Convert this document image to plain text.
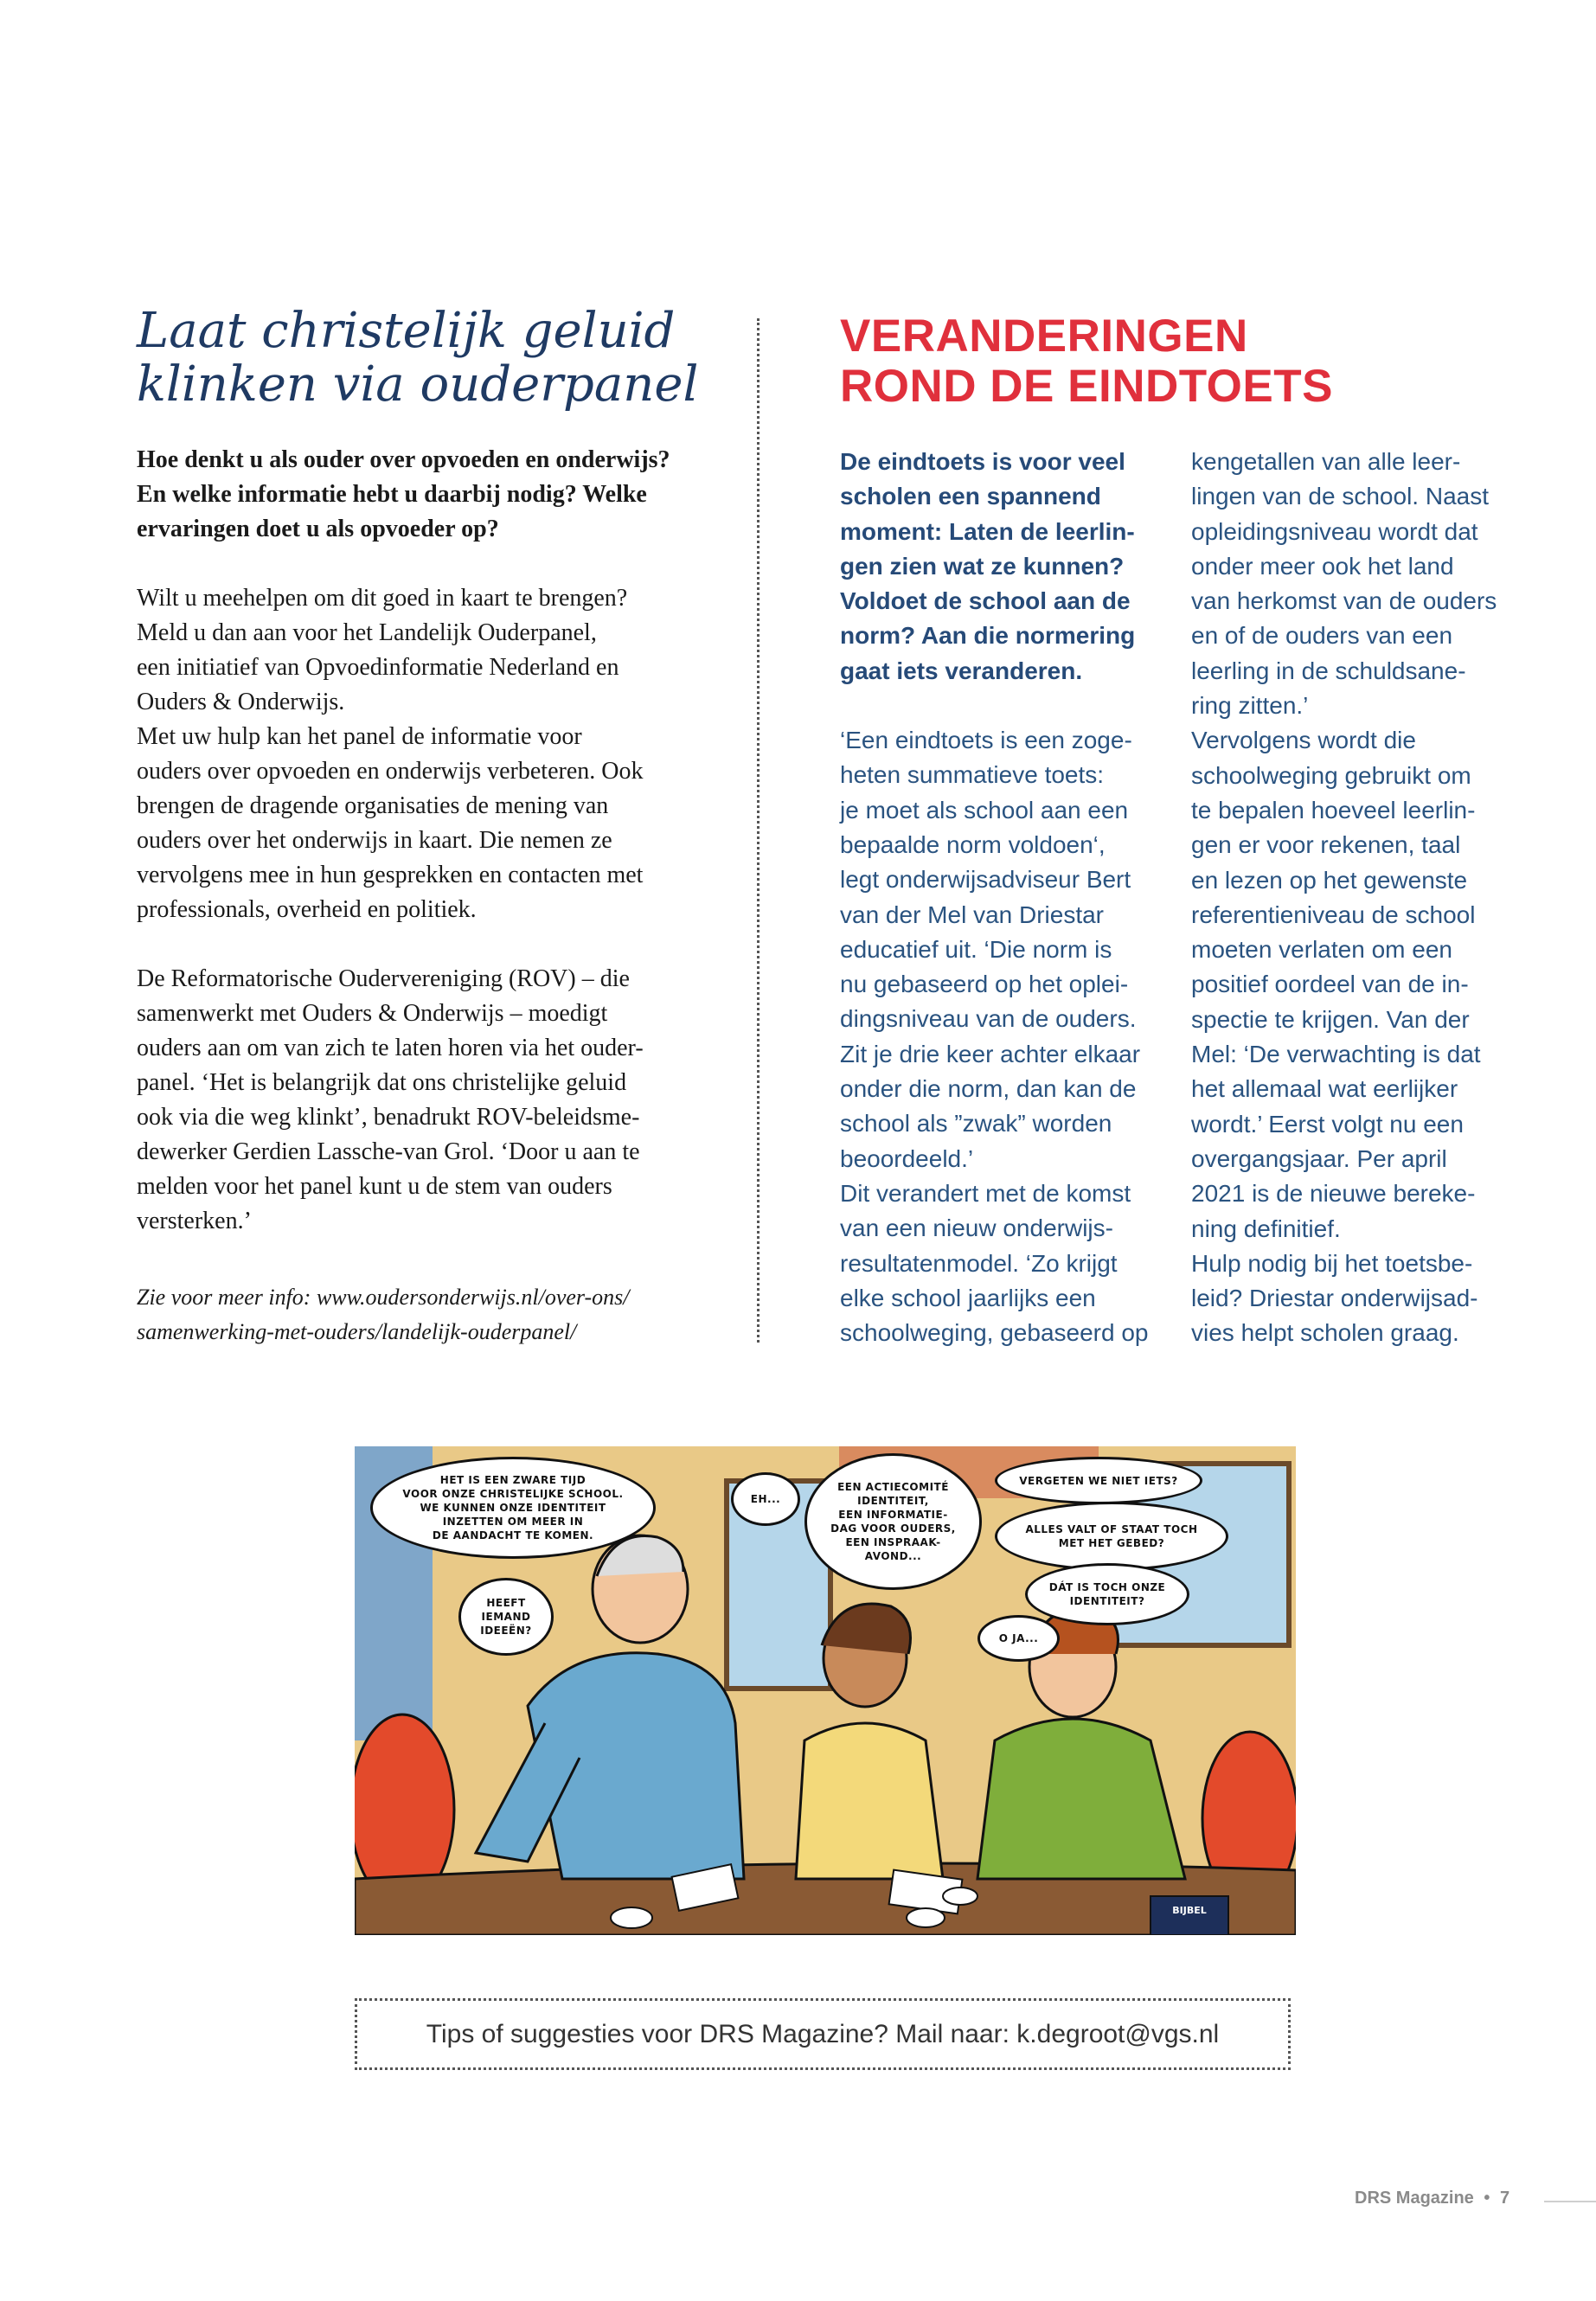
Laat christelijk geluid
klinken via ouderpanel
Hoe denkt u als ouder over opvoeden en onderwijs?
En welke informatie hebt u daarbij nodig? Welke
ervaringen doet u als opvoeder op?
Wilt u meehelpen om dit goed in kaart te brengen?
Meld u dan aan voor het Landelijk Ouderpanel,
een initiatief van Opvoedinformatie Nederland en
Ouders & Onderwijs.
Met uw hulp kan het panel de informatie voor
ouders over opvoeden en onderwijs verbeteren. Ook
brengen de dragende organisaties de mening van
ouders over het onderwijs in kaart. Die nemen ze
vervolgens mee in hun gesprekken en contacten met
professionals, overheid en politiek.
De Reformatorische Oudervereniging (ROV) – die
samenwerkt met Ouders & Onderwijs – moedigt
ouders aan om van zich te laten horen via het ouder-
panel. ‘Het is belangrijk dat ons christelijke geluid
ook via die weg klinkt’, benadrukt ROV-beleidsme-
dewerker Gerdien Lassche-van Grol. ‘Door u aan te
melden voor het panel kunt u de stem van ouders
versterken.’
Zie voor meer info: www.oudersonderwijs.nl/over-ons/
samenwerking-met-ouders/landelijk-ouderpanel/
VERANDERINGEN
ROND DE EINDTOETS
De eindtoets is voor veel
scholen een spannend
moment: Laten de leerlin-
gen zien wat ze kunnen?
Voldoet de school aan de
norm? Aan die normering
gaat iets veranderen.
‘Een eindtoets is een zoge-
heten summatieve toets:
je moet als school aan een
bepaalde norm voldoen‘,
legt onderwijsadviseur Bert
van der Mel van Driestar
educatief uit. ‘Die norm is
nu gebaseerd op het oplei-
dingsniveau van de ouders.
Zit je drie keer achter elkaar
onder die norm, dan kan de
school als ”zwak” worden
beoordeeld.’
Dit verandert met de komst
van een nieuw onderwijs-
resultatenmodel. ‘Zo krijgt
elke school jaarlijks een
schoolweging, gebaseerd op
kengetallen van alle leer-
lingen van de school. Naast
opleidingsniveau wordt dat
onder meer ook het land
van herkomst van de ouders
en of de ouders van een
leerling in de schuldsane-
ring zitten.’
Vervolgens wordt die
schoolweging gebruikt om
te bepalen hoeveel leerlin-
gen er voor rekenen, taal
en lezen op het gewenste
referentieniveau de school
moeten verlaten om een
positief oordeel van de in-
spectie te krijgen. Van der
Mel: ‘De verwachting is dat
het allemaal wat eerlijker
wordt.’ Eerst volgt nu een
overgangsjaar. Per april
2021 is de nieuwe bereke-
ning definitief.
Hulp nodig bij het toetsbe-
leid? Driestar onderwijsad-
vies helpt scholen graag.
HET IS EEN ZWARE TIJD
VOOR ONZE CHRISTELIJKE SCHOOL.
WE KUNNEN ONZE IDENTITEIT
INZETTEN OM MEER IN
DE AANDACHT TE KOMEN.
HEEFT
IEMAND
IDEEËN?
EH...
EEN ACTIECOMITÉ
IDENTITEIT,
EEN INFORMATIE-
DAG VOOR OUDERS,
EEN INSPRAAK-
AVOND...
VERGETEN WE NIET IETS?
ALLES VALT OF STAAT TOCH
MET HET GEBED?
DÁT IS TOCH ONZE
IDENTITEIT?
O JA...
BIJBEL
Tips of suggesties voor DRS Magazine? Mail naar: k.degroot@vgs.nl
DRS Magazine • 7
